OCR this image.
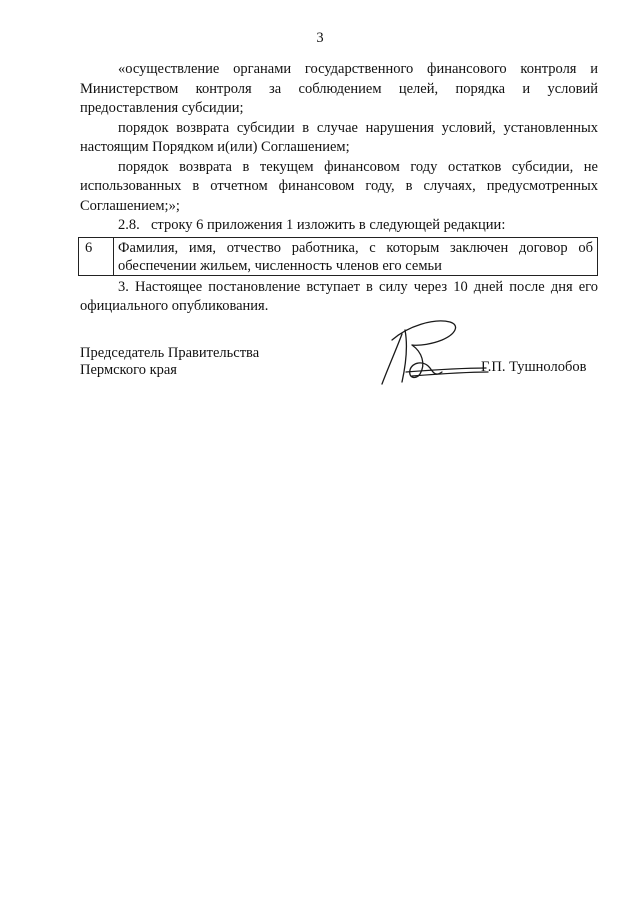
3

«осуществление органами государственного финансового контроля и Министерством контроля за соблюдением целей, порядка и условий предоставления субсидии;

порядок возврата субсидии в случае нарушения условий, установленных настоящим Порядком и(или) Соглашением;

порядок возврата в текущем финансовом году остатков субсидии, не использованных в отчетном финансовом году, в случаях, предусмотренных Соглашением;»;

2.8. строку 6 приложения 1 изложить в следующей редакции:

6	Фамилия, имя, отчество работника, с которым заключен договор об обеспечении жильем, численность членов его семьи

3. Настоящее постановление вступает в силу через 10 дней после дня его официального опубликования.

Председатель Правительства
Пермского края	Г.П. Тушнолобов
